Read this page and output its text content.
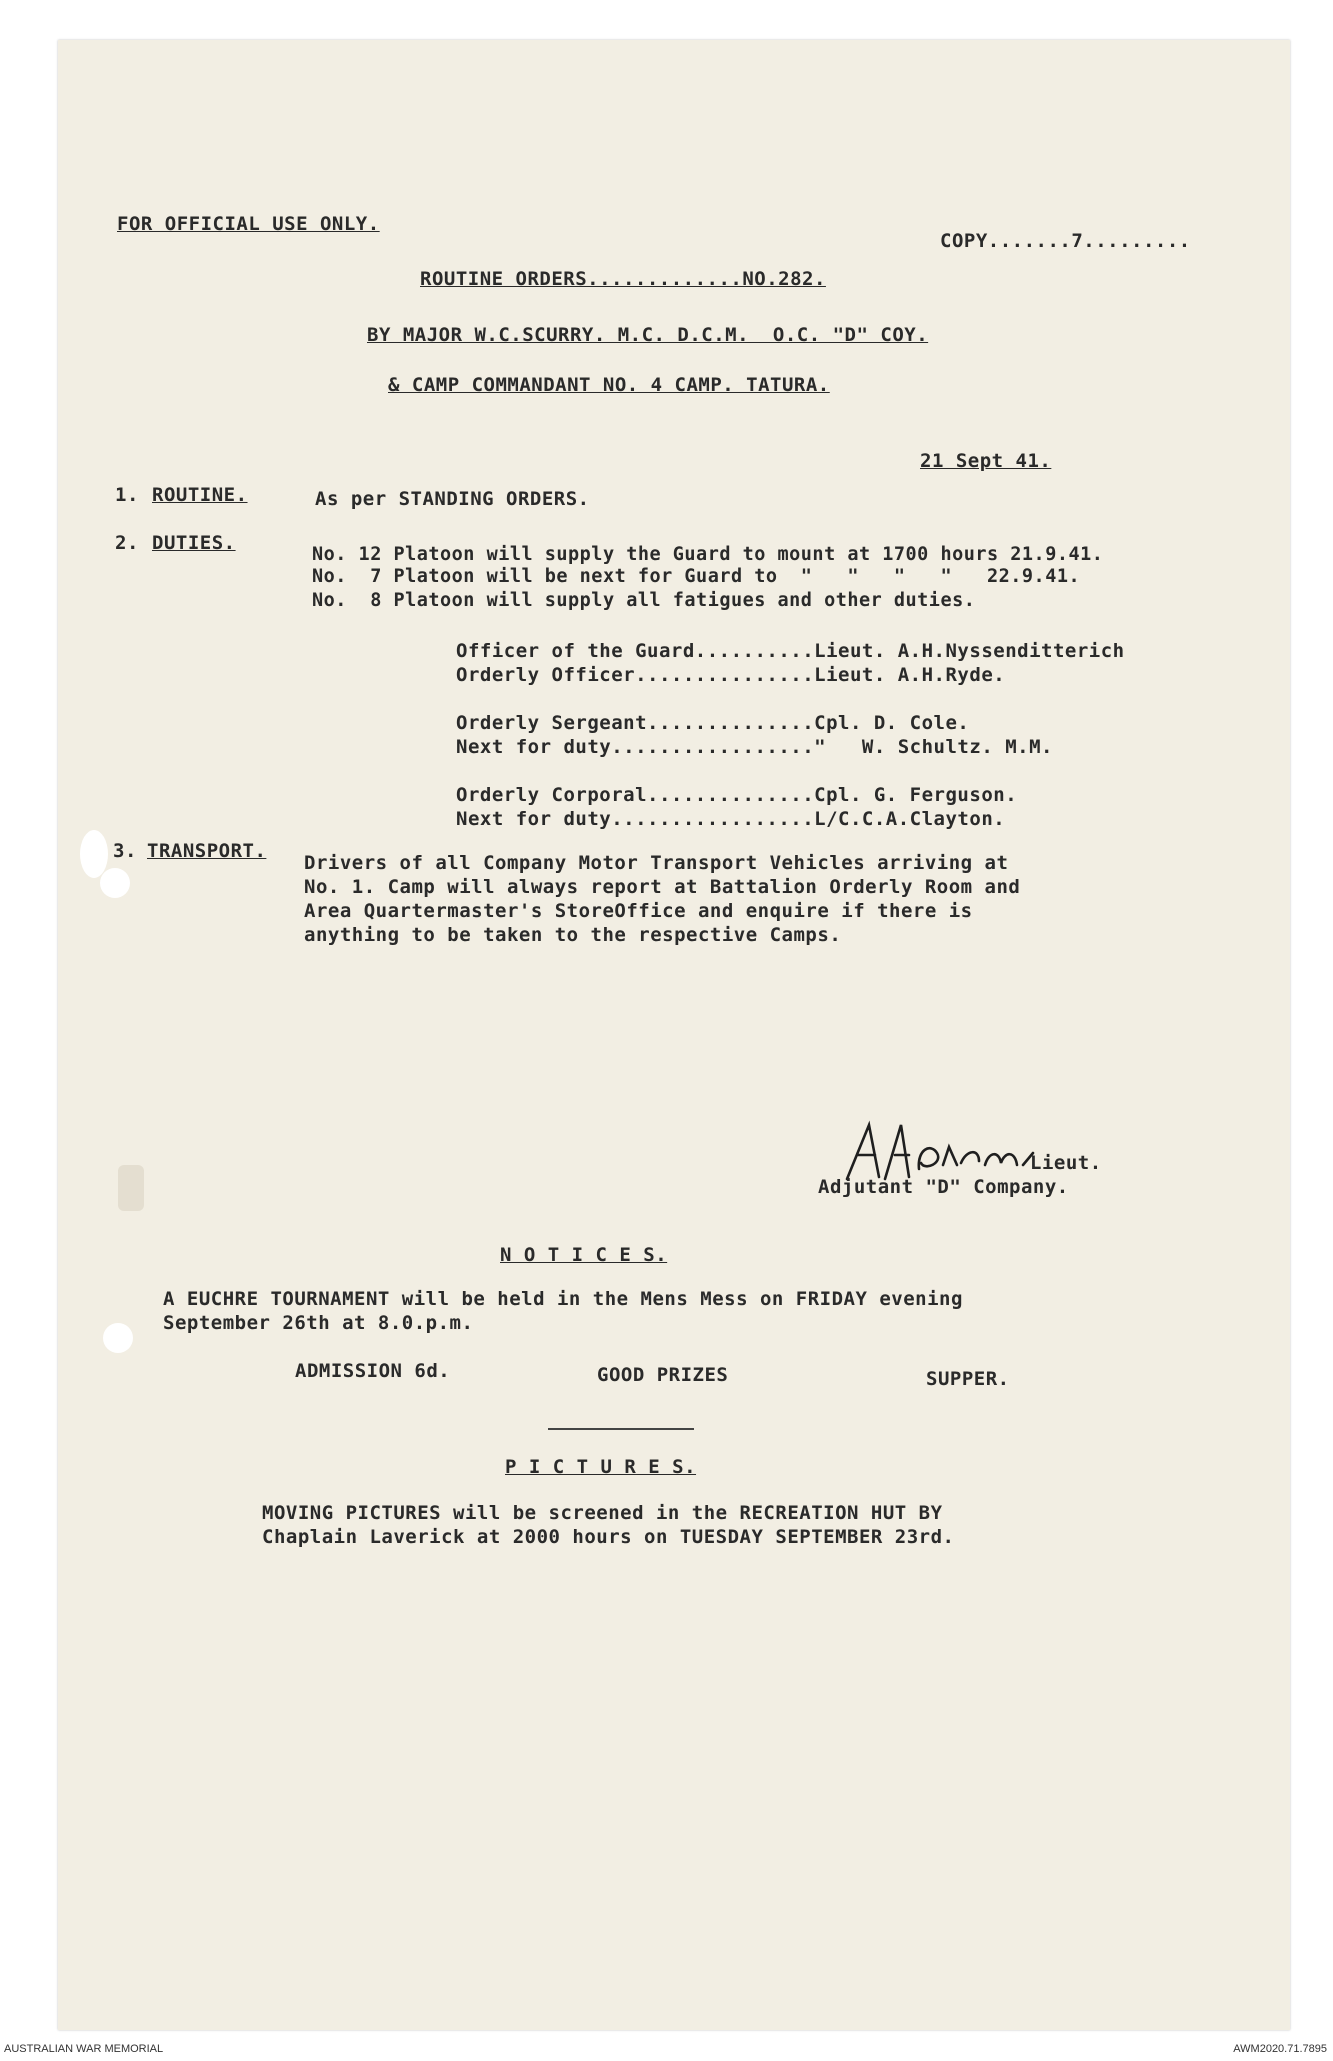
FOR OFFICIAL USE ONLY.
COPY.......7.........
ROUTINE ORDERS.............NO.282.
BY MAJOR W.C.SCURRY. M.C. D.C.M.  O.C. "D" COY.
& CAMP COMMANDANT NO. 4 CAMP. TATURA.
21 Sept 41.
1. ROUTINE.	As per STANDING ORDERS.
2. DUTIES.
No. 12 Platoon will supply the Guard to mount at 1700 hours 21.9.41.
No.  7 Platoon will be next for Guard to  "   "   "   "   22.9.41.
No.  8 Platoon will supply all fatigues and other duties.
Officer of the Guard..........Lieut. A.H.Nyssenditterich
Orderly Officer...............Lieut. A.H.Ryde.
Orderly Sergeant..............Cpl. D. Cole.
Next for duty................."   W. Schultz. M.M.
Orderly Corporal..............Cpl. G. Ferguson.
Next for duty.................L/C.C.A.Clayton.
3. TRANSPORT.
Drivers of all Company Motor Transport Vehicles arriving at
No. 1. Camp will always report at Battalion Orderly Room and
Area Quartermaster's StoreOffice and enquire if there is
anything to be taken to the respective Camps.

Lieut.
Adjutant "D" Company.
N O T I C E S.
A EUCHRE TOURNAMENT will be held in the Mens Mess on FRIDAY evening
September 26th at 8.0.p.m.
ADMISSION 6d.	GOOD PRIZES	SUPPER.
P I C T U R E S.
MOVING PICTURES will be screened in the RECREATION HUT BY
Chaplain Laverick at 2000 hours on TUESDAY SEPTEMBER 23rd.
AUSTRALIAN WAR MEMORIAL	AWM2020.71.7895
